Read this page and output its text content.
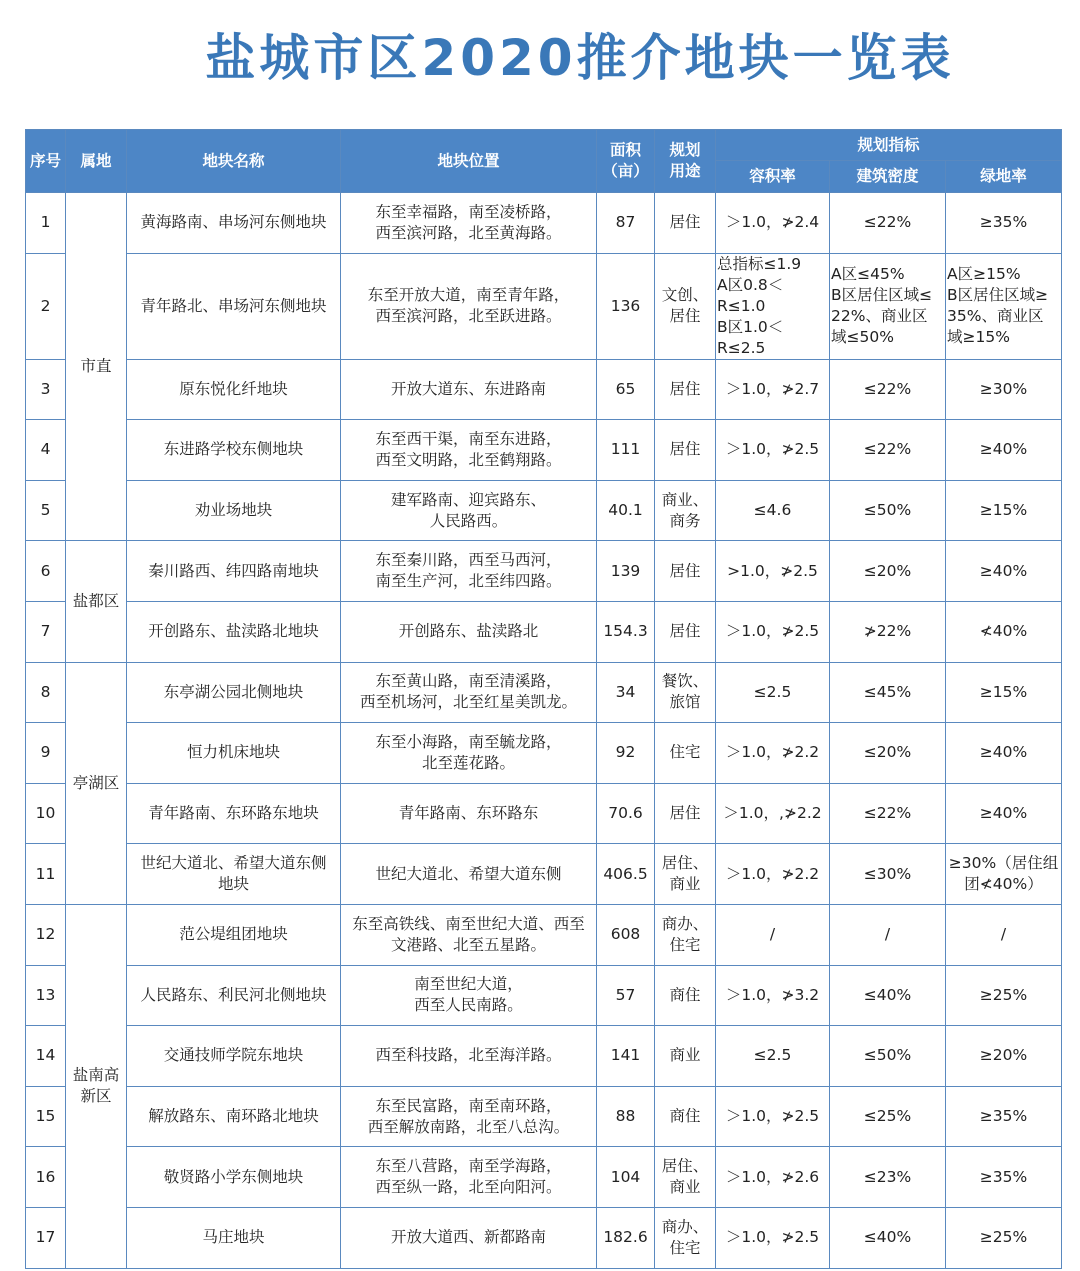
盐城市区2020推介地块一览表
序号	属地	地块名称	地块位置	面积
（亩）	规划
用途	规划指标		
						容积率	建筑密度	绿地率
1	市直	黄海路南、串场河东侧地块	东至幸福路，南至凌桥路，
西至滨河路，北至黄海路。	87	居住	＞1.0，≯2.4	≤22%	≥35%
2		青年路北、串场河东侧地块	东至开放大道，南至青年路，
西至滨河路，北至跃进路。	136	文创、
居住	总指标≤1.9
A区0.8＜R≤1.0
B区1.0＜R≤2.5	A区≤45%
B区居住区域≤
22%、商业区
域≤50%	A区≥15%
B区居住区域≥
35%、商业区
域≥15%
3		原东悦化纤地块	开放大道东、东进路南	65	居住	＞1.0，≯2.7	≤22%	≥30%
4		东进路学校东侧地块	东至西干渠，南至东进路，
西至文明路，北至鹤翔路。	111	居住	＞1.0，≯2.5	≤22%	≥40%
5		劝业场地块	建军路南、迎宾路东、
人民路西。	40.1	商业、
商务	≤4.6	≤50%	≥15%
6	盐都区	秦川路西、纬四路南地块	东至秦川路，西至马西河，
南至生产河，北至纬四路。	139	居住	>1.0，≯2.5	≤20%	≥40%
7		开创路东、盐渎路北地块	开创路东、盐渎路北	154.3	居住	＞1.0，≯2.5	≯22%	≮40%
8	亭湖区	东亭湖公园北侧地块	东至黄山路，南至清溪路，
西至机场河，北至红星美凯龙。	34	餐饮、
旅馆	≤2.5	≤45%	≥15%
9		恒力机床地块	东至小海路，南至毓龙路，
北至莲花路。	92	住宅	＞1.0，≯2.2	≤20%	≥40%
10		青年路南、东环路东地块	青年路南、东环路东	70.6	居住	＞1.0，,≯2.2	≤22%	≥40%
11		世纪大道北、希望大道东侧
地块	世纪大道北、希望大道东侧	406.5	居住、
商业	＞1.0，≯2.2	≤30%	≥30%（居住组
团≮40%）
12	盐南高
新区	范公堤组团地块	东至高铁线、南至世纪大道、西至
文港路、北至五星路。	608	商办、
住宅	/	/	/
13		人民路东、利民河北侧地块	南至世纪大道，
西至人民南路。	57	商住	＞1.0，≯3.2	≤40%	≥25%
14		交通技师学院东地块	西至科技路，北至海洋路。	141	商业	≤2.5	≤50%	≥20%
15		解放路东、南环路北地块	东至民富路，南至南环路，
西至解放南路，北至八总沟。	88	商住	＞1.0，≯2.5	≤25%	≥35%
16		敬贤路小学东侧地块	东至八营路，南至学海路，
西至纵一路，北至向阳河。	104	居住、
商业	＞1.0，≯2.6	≤23%	≥35%
17		马庄地块	开放大道西、新都路南	182.6	商办、
住宅	＞1.0，≯2.5	≤40%	≥25%
